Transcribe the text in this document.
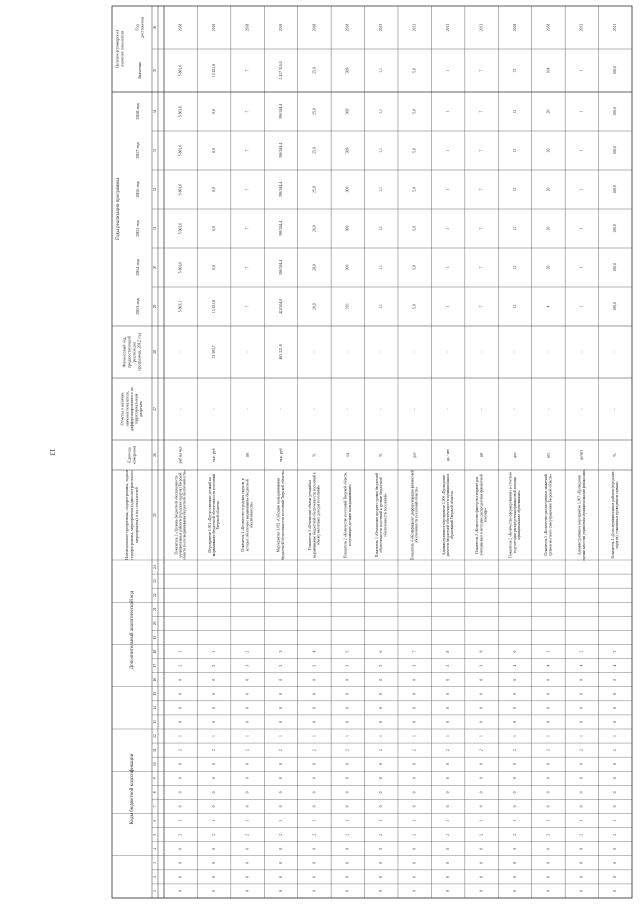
13
Коды бюджетной классификации
Дополнительный аналитический код
Наименование программы, подпрограммы, задачи подпрограммы, мероприятия (административного мероприятия) и их показателей
Единица измерения
Отметка о наличии значения показателя, дифференцированного по территориальным разрезам
Финансовый год, предшествующий реализации программы, 2012 год
Годы реализации программы
2013 год
2014 год
2015 год
2016 год
2017 год
2018 год
Целевое (суммарное) значение показателя
Значение
Год достижения
1
2
3
4
5
6
7
8
9
10
11
12
13
14
15
16
17
18
19
20
21
22
23
24
25
26
27
28
29
30
31
32
33
34
35
36
0
0
0
0
2
1
0
0
0
0
2
1
0
0
0
0
2
1
Показатель 2 «Уровень бюджетной обеспеченности муниципальных районов (городских округов) Тверской области после выравнивания бюджетной обеспеченности»
руб на чел
-
-
5 803,1
5 803,6
5 803,6
5 803,6
5 803,6
5 803,6
5 803,6
2018
0
0
0
0
2
1
0
0
0
0
2
1
0
0
0
0
3
1
Мероприятие 1.001 «Предоставление дотаций на выравнивание бюджетной обеспеченности поселений Тверской области»
тыс. руб
-
13 393,7
13 431,8
0,0
0,0
0,0
0,0
0,0
13 431,8
2018
0
0
0
0
2
1
0
0
0
0
2
1
0
0
0
0
3
2
Показатель 1 «Количество городских округов, в которых обеспечено выравнивание бюджетной обеспеченности»
шт
-
-
7
7
7
7
7
7
7
2018
0
0
0
0
2
1
0
0
0
0
2
1
0
0
0
0
3
3
Мероприятие 1.002 «Субсидии на выравнивание бюджетной обеспеченности поселений Тверской области»
тыс. руб
-
465 321,8
424 504,0
396 584,4
396 584,4
396 584,4
396 584,4
396 584,4
2 417 316,0
2018
0
0
0
0
2
1
0
0
0
0
2
1
0
0
0
0
3
4
Показатель 1 «Отношение объема дотаций на выравнивание бюджетной обеспеченности поселений к объему налоговых доходов поселений»
%
-
-
20,0
28,0
26,0
25,0
25,0
25,0
25,0
2018
0
0
0
0
2
1
0
0
0
0
2
1
0
0
0
0
3
5
Показатель 2 «Количество поселений Тверской области, получающих дотации на выравнивание»
ед
-
-
316
309
309
309
309
309
309
2018
0
0
0
0
2
1
0
0
0
0
2
1
0
0
0
0
3
6
Показатель 3 «Отношение среднего уровня бюджетной обеспеченности поселений к уровню бюджетной обеспеченности поселений»
%
-
-
1,1
1,1
1,1
1,1
1,1
1,1
1,1
2013
0
0
0
0
2
1
0
0
0
0
2
1
0
0
0
0
3
7
Показатель 4 «Коэффициент дифференциации финансовой обеспеченности поселений области»
раз
-
-
5,0
5,0
5,0
5,0
5,0
5,0
5,0
2013
0
0
0
0
2
1
0
0
0
0
2
1
0
0
0
0
3
8
Административное мероприятие 1.006 «Проведение расчетов бюджетной обеспеченности муниципальных образований Тверской области»
да / нет
-
-
1
1
1
1
1
1
1
2013
0
0
0
0
2
1
0
0
0
0
2
1
0
0
0
0
3
9
Показатель 1 «Количество факторов и параметров, учитываемых в методике распределения финансовой помощи»
шт
-
-
7
7
7
7
7
7
7
2013
0
0
0
0
2
1
0
0
0
0
2
1
0
0
0
0
4
0
Показатель 2 «Количество сформированных в отчетном году методик распределения финансовой помощи муниципальным образованиям»
раз
-
-
12
12
12
12
12
12
72
2018
0
0
0
0
2
1
0
0
0
0
2
1
0
0
0
0
4
1
Показатель 3 «Количество рассмотренных заявлений органов местного самоуправления Тверской области»
шт.
-
-
4
20
20
20
20
20
104
2018
0
0
0
0
2
1
0
0
0
0
2
1
0
0
0
0
4
2
Административное мероприятие 1.007 «Проведение оценки качества управления муниципальными финансами»
да/нет
-
-
1
1
1
1
1
1
1
2013
0
0
0
0
2
1
0
0
0
0
2
1
0
0
0
0
4
3
Показатель 1 «Доля муниципальных районов (городских округов), охваченных проведением оценки»
%
-
-
100,0
100,0
100,0
100,0
100,0
100,0
100,0
2013
